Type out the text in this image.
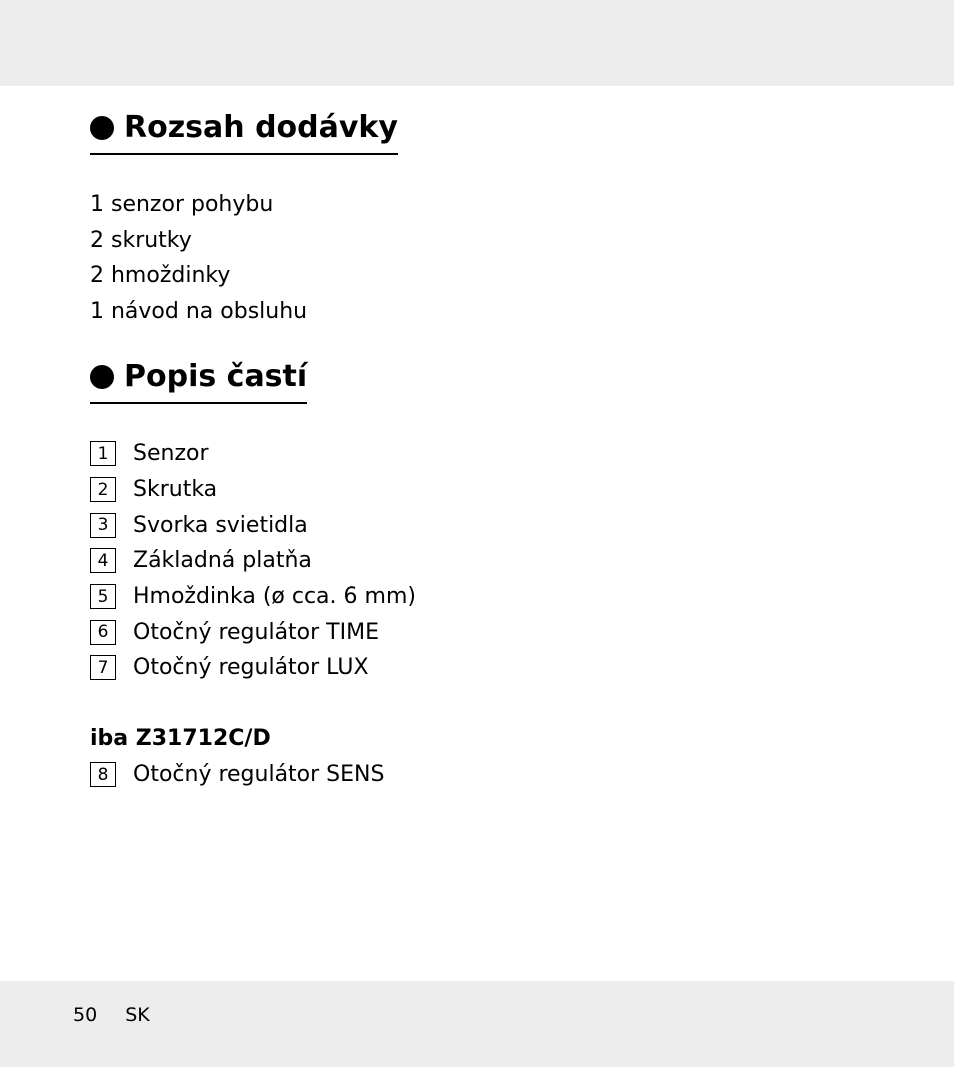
Rozsah dodávky
1 senzor pohybu
2 skrutky
2 hmoždinky
1 návod na obsluhu
Popis častí
1	Senzor
2	Skrutka
3	Svorka svietidla
4	Základná platňa
5	Hmoždinka (ø cca. 6 mm)
6	Otočný regulátor TIME
7	Otočný regulátor LUX
iba Z31712C/D
8	Otočný regulátor SENS
50 SK
